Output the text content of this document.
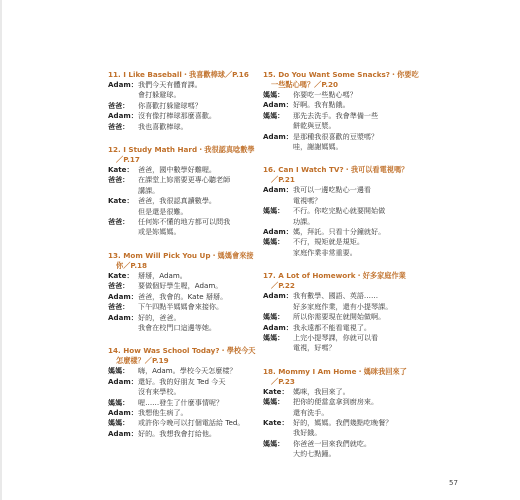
11. I Like Baseball・我喜歡棒球／P.16
Adam： 我們今天有體育課。
會打躲避球。
爸爸：	你喜歡打躲避球嗎？
Adam： 沒有像打棒球那麼喜歡。
爸爸：	我也喜歡棒球。
12. I Study Math Hard・我很認真唸數學
／P.17
Kate： 爸爸，國中數學好難喔。
爸爸：	在課堂上妳需要更專心聽老師
講課。
Kate： 爸爸，我很認真讀數學。
但是還是很難。
爸爸：	任何妳不懂的地方都可以問我
或是妳媽媽。
13. Mom Will Pick You Up・媽媽會來接
你／P.18
Kate： 掰掰，Adam。
爸爸：	要做個好學生喔，Adam。
Adam： 爸爸，我會的。Kate 掰掰。
爸爸：	下午四點半媽媽會來接你。
Adam： 好的，爸爸。
我會在校門口這邊等她。
14. How Was School Today?・學校今天
怎麼樣？／P.19
媽媽：	嗨，Adam。學校今天怎麼樣？
Adam： 還好。我的好朋友 Ted 今天
沒有來學校。
媽媽：	喔……發生了什麼事情呢？
Adam： 我想他生病了。
媽媽：	或許你今晚可以打個電話給 Ted。
Adam： 好的。我想我會打給他。
15. Do You Want Some Snacks?・你要吃
一些點心嗎？／P.20
媽媽：	你要吃一些點心嗎？
Adam： 好啊。我有點餓。
媽媽：	那先去洗手。我會準備一些
餅乾與豆漿。
Adam： 是那種我很喜歡的豆漿嗎？
哇，謝謝媽媽。
16. Can I Watch TV?・我可以看電視嗎？
／P.21
Adam： 我可以一邊吃點心一邊看
電視嗎？
媽媽：	不行。你吃完點心就要開始做
功課。
Adam： 媽，拜託。只看十分鐘就好。
媽媽：	不行，規矩就是規矩。
家庭作業非常重要。
17. A Lot of Homework・好多家庭作業
／P.22
Adam： 我有數學、國語、英語……
好多家庭作業，還有小提琴課。
媽媽：	所以你需要現在就開始做啊。
Adam： 我永遠都不能看電視了。
媽媽：	上完小提琴課，你就可以看
電視，好嗎？
18. Mommy I Am Home・媽咪我回來了
／P.23
Kate： 媽咪，我回來了。
媽媽：	把你的便當盒拿到廚房來。
還有洗手。
Kate： 好的，媽媽。我們幾點吃晚餐？
我好餓。
媽媽：	你爸爸一回來我們就吃。
大約七點鐘。
57
